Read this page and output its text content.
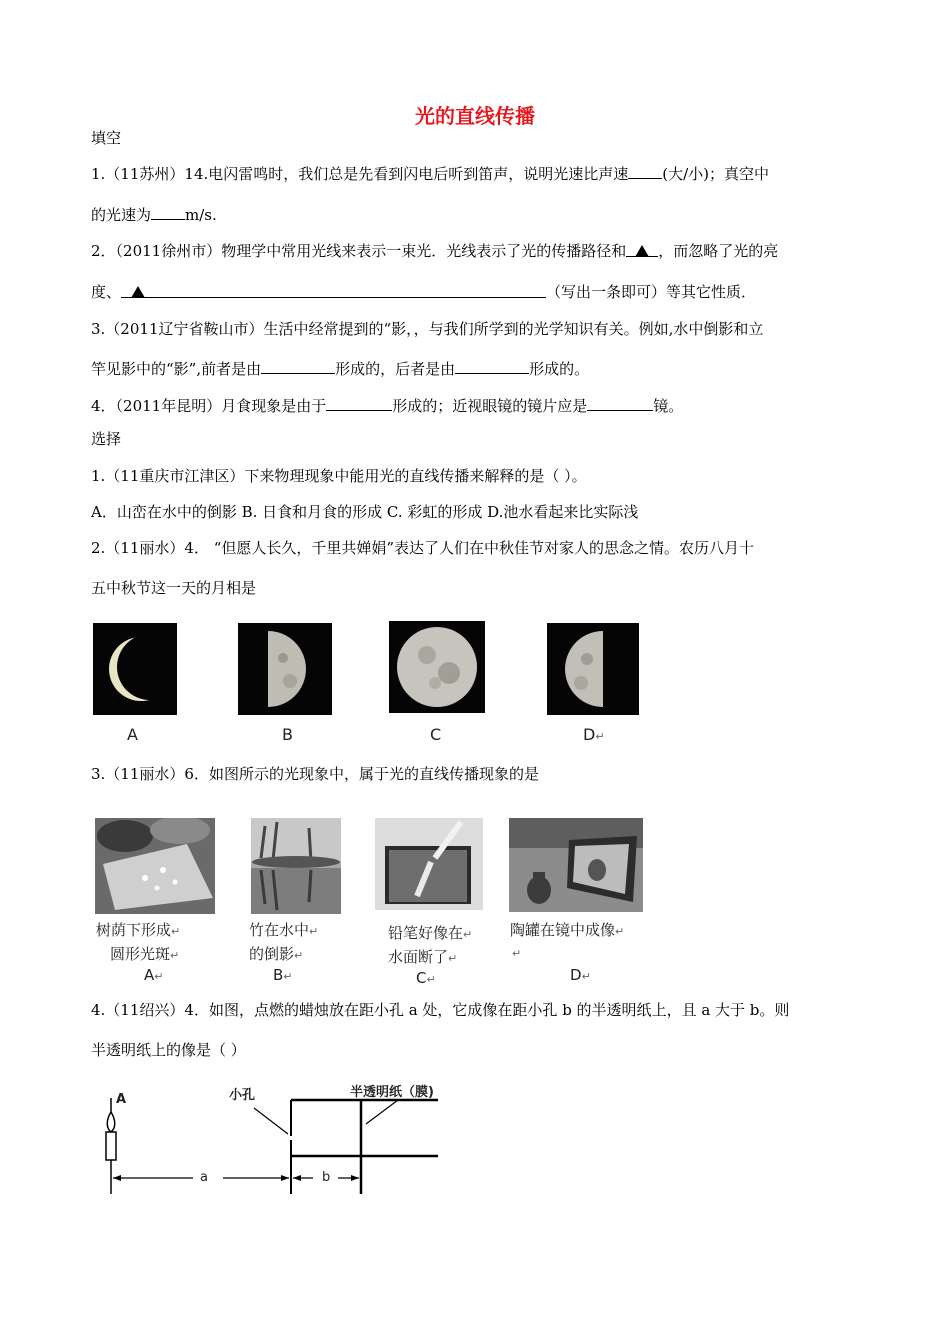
光的直线传播
填空
1.（11苏州）14.电闪雷鸣时，我们总是先看到闪电后听到笛声，说明光速比声速 (大/小)；真空中
的光速为 m/s.
2．（2011徐州市）物理学中常用光线来表示一束光．光线表示了光的传播路径和 ，而忽略了光的亮
度、	（写出一条即可）等其它性质．
3.（2011辽宁省鞍山市）生活中经常提到的“影，，与我们所学到的光学知识有关。例如,水中倒影和立
竿见影中的“影”,前者是由	形成的，后者是由	形成的。
4．（2011年昆明）月食现象是由于	形成的；近视眼镜的镜片应是	镜。
选择
1.（11重庆市江津区）下来物理现象中能用光的直线传播来解释的是（ ）。
A．山峦在水中的倒影 B. 日食和月食的形成 C. 彩虹的形成 D.池水看起来比实际浅
2.（11丽水）4． “但愿人长久，千里共婵娟”表达了人们在中秋佳节对家人的思念之情。农历八月十
五中秋节这一天的月相是
A	B	C	D↵
3.（11丽水）6．如图所示的光现象中，属于光的直线传播现象的是
树荫下形成↵
圆形光斑↵
A↵
竹在水中↵
的倒影↵
B↵
铅笔好像在↵
水面断了↵
C↵
陶罐在镜中成像↵
↵
D↵
4.（11绍兴）4．如图，点燃的蜡烛放在距小孔 a 处，它成像在距小孔 b 的半透明纸上，且 a 大于 b。则
半透明纸上的像是（ ）
A	小孔	半透明纸（膜)
a	b
